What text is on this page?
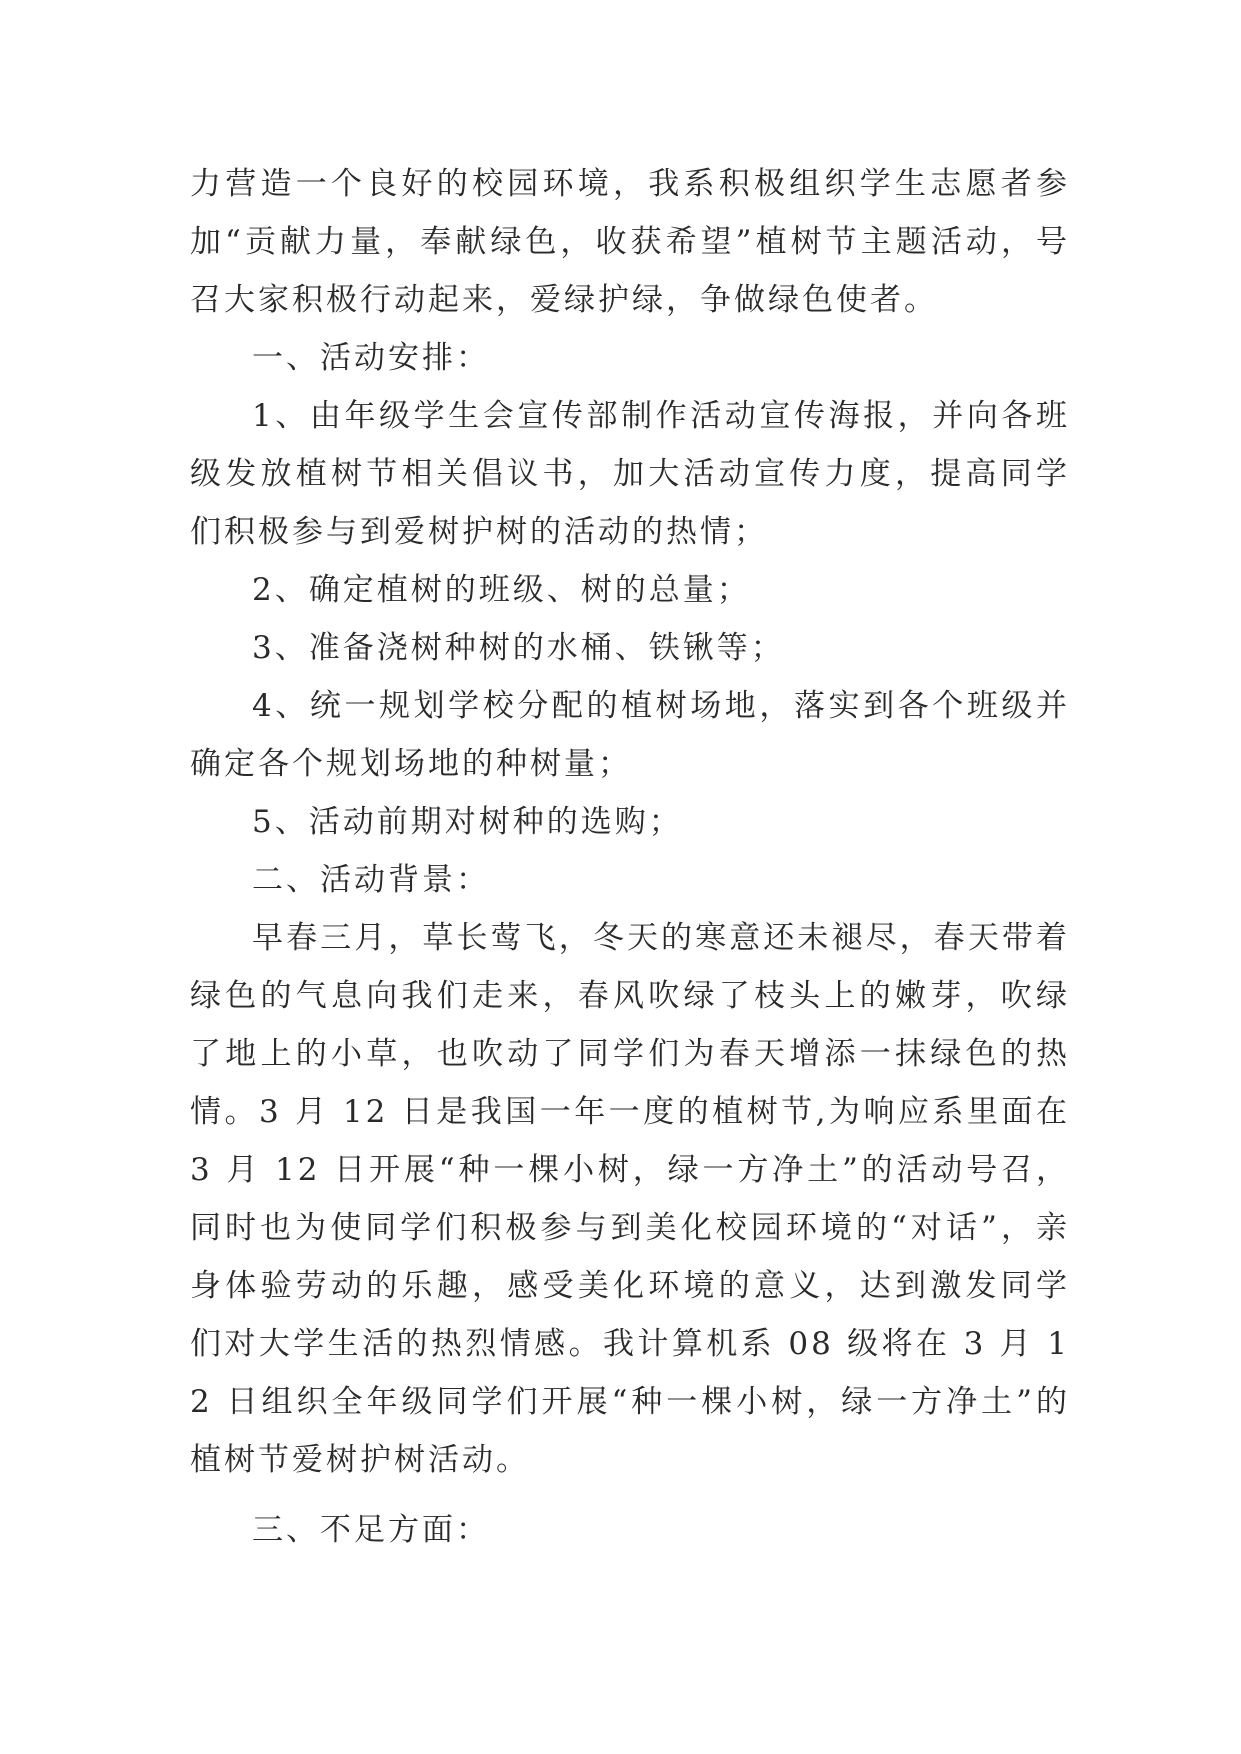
力营造一个良好的校园环境，我系积极组织学生志愿者参加“贡献力量，奉献绿色，收获希望”植树节主题活动，号召大家积极行动起来，爱绿护绿，争做绿色使者。

一、活动安排：

1、由年级学生会宣传部制作活动宣传海报，并向各班级发放植树节相关倡议书，加大活动宣传力度，提高同学们积极参与到爱树护树的活动的热情；

2、确定植树的班级、树的总量；

3、准备浇树种树的水桶、铁锹等；

4、统一规划学校分配的植树场地，落实到各个班级并确定各个规划场地的种树量；

5、活动前期对树种的选购；

二、活动背景：

早春三月，草长莺飞，冬天的寒意还未褪尽，春天带着绿色的气息向我们走来，春风吹绿了枝头上的嫩芽，吹绿了地上的小草，也吹动了同学们为春天增添一抹绿色的热情。3 月 12 日是我国一年一度的植树节,为响应系里面在 3 月 12 日开展“种一棵小树，绿一方净土”的活动号召，同时也为使同学们积极参与到美化校园环境的“对话”，亲身体验劳动的乐趣，感受美化环境的意义，达到激发同学们对大学生活的热烈情感。我计算机系 08 级将在 3 月 12 日组织全年级同学们开展“种一棵小树，绿一方净土”的植树节爱树护树活动。

三、不足方面：
